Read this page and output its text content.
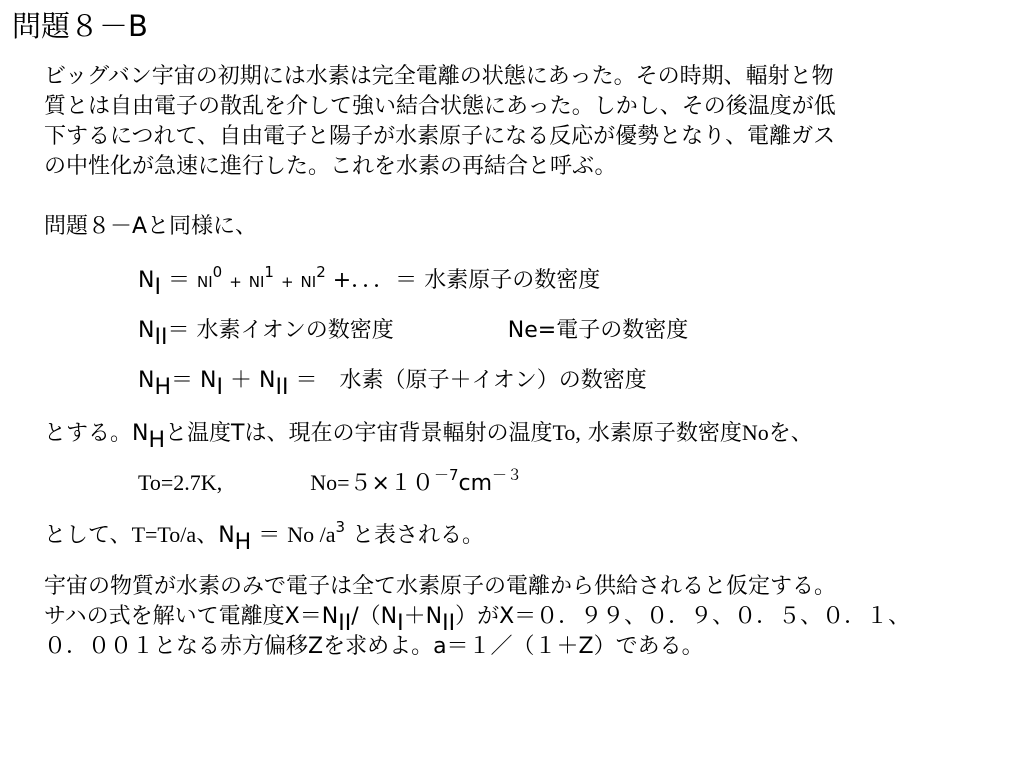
問題８－B

ビッグバン宇宙の初期には水素は完全電離の状態にあった。その時期、輻射と物
質とは自由電子の散乱を介して強い結合状態にあった。しかし、その後温度が低
下するにつれて、自由電子と陽子が水素原子になる反応が優勢となり、電離ガス
の中性化が急速に進行した。これを水素の再結合と呼ぶ。

問題８－Aと同様に、
NI ＝ $NI^0 + NI^1 + NI^2$ +．．．＝ 水素原子の数密度
NII＝ 水素イオンの数密度	Ne=電子の数密度
NH＝ NI ＋ NII ＝　水素（原子＋イオン）の数密度
とする。NHと温度Tは、現在の宇宙背景輻射の温度To, 水素原子数密度Noを、
To=2.7K,	$No=5\times 10^{-7}cm^{-3}$
として、T=To/a、NH ＝ No $/a^3$ と表される。
宇宙の物質が水素のみで電子は全て水素原子の電離から供給されると仮定する。
サハの式を解いて電離度X＝NII/（NI＋NII）がX＝０．９９、０．９、０．５、０．１、
０．００１となる赤方偏移Zを求めよ。a＝１／（１＋Z）である。
